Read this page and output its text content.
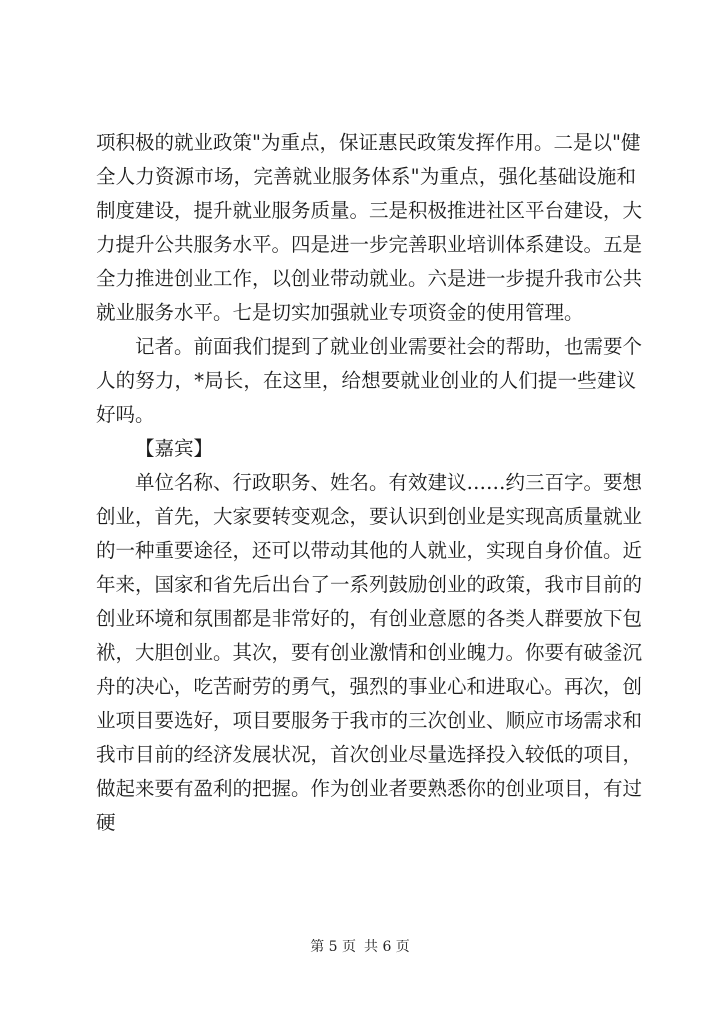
项积极的就业政策"为重点，保证惠民政策发挥作用。二是以"健
全人力资源市场，完善就业服务体系"为重点，强化基础设施和
制度建设，提升就业服务质量。三是积极推进社区平台建设，大
力提升公共服务水平。四是进一步完善职业培训体系建设。五是
全力推进创业工作，以创业带动就业。六是进一步提升我市公共
就业服务水平。七是切实加强就业专项资金的使用管理。
记者。前面我们提到了就业创业需要社会的帮助，也需要个
人的努力，*局长，在这里，给想要就业创业的人们提一些建议
好吗。
【嘉宾】
单位名称、行政职务、姓名。有效建议……约三百字。要想
创业，首先，大家要转变观念，要认识到创业是实现高质量就业
的一种重要途径，还可以带动其他的人就业，实现自身价值。近
年来，国家和省先后出台了一系列鼓励创业的政策，我市目前的
创业环境和氛围都是非常好的，有创业意愿的各类人群要放下包
袱，大胆创业。其次，要有创业激情和创业魄力。你要有破釜沉
舟的决心，吃苦耐劳的勇气，强烈的事业心和进取心。再次，创
业项目要选好，项目要服务于我市的三次创业、顺应市场需求和
我市目前的经济发展状况，首次创业尽量选择投入较低的项目，
做起来要有盈利的把握。作为创业者要熟悉你的创业项目，有过
硬
第 5 页 共 6 页
